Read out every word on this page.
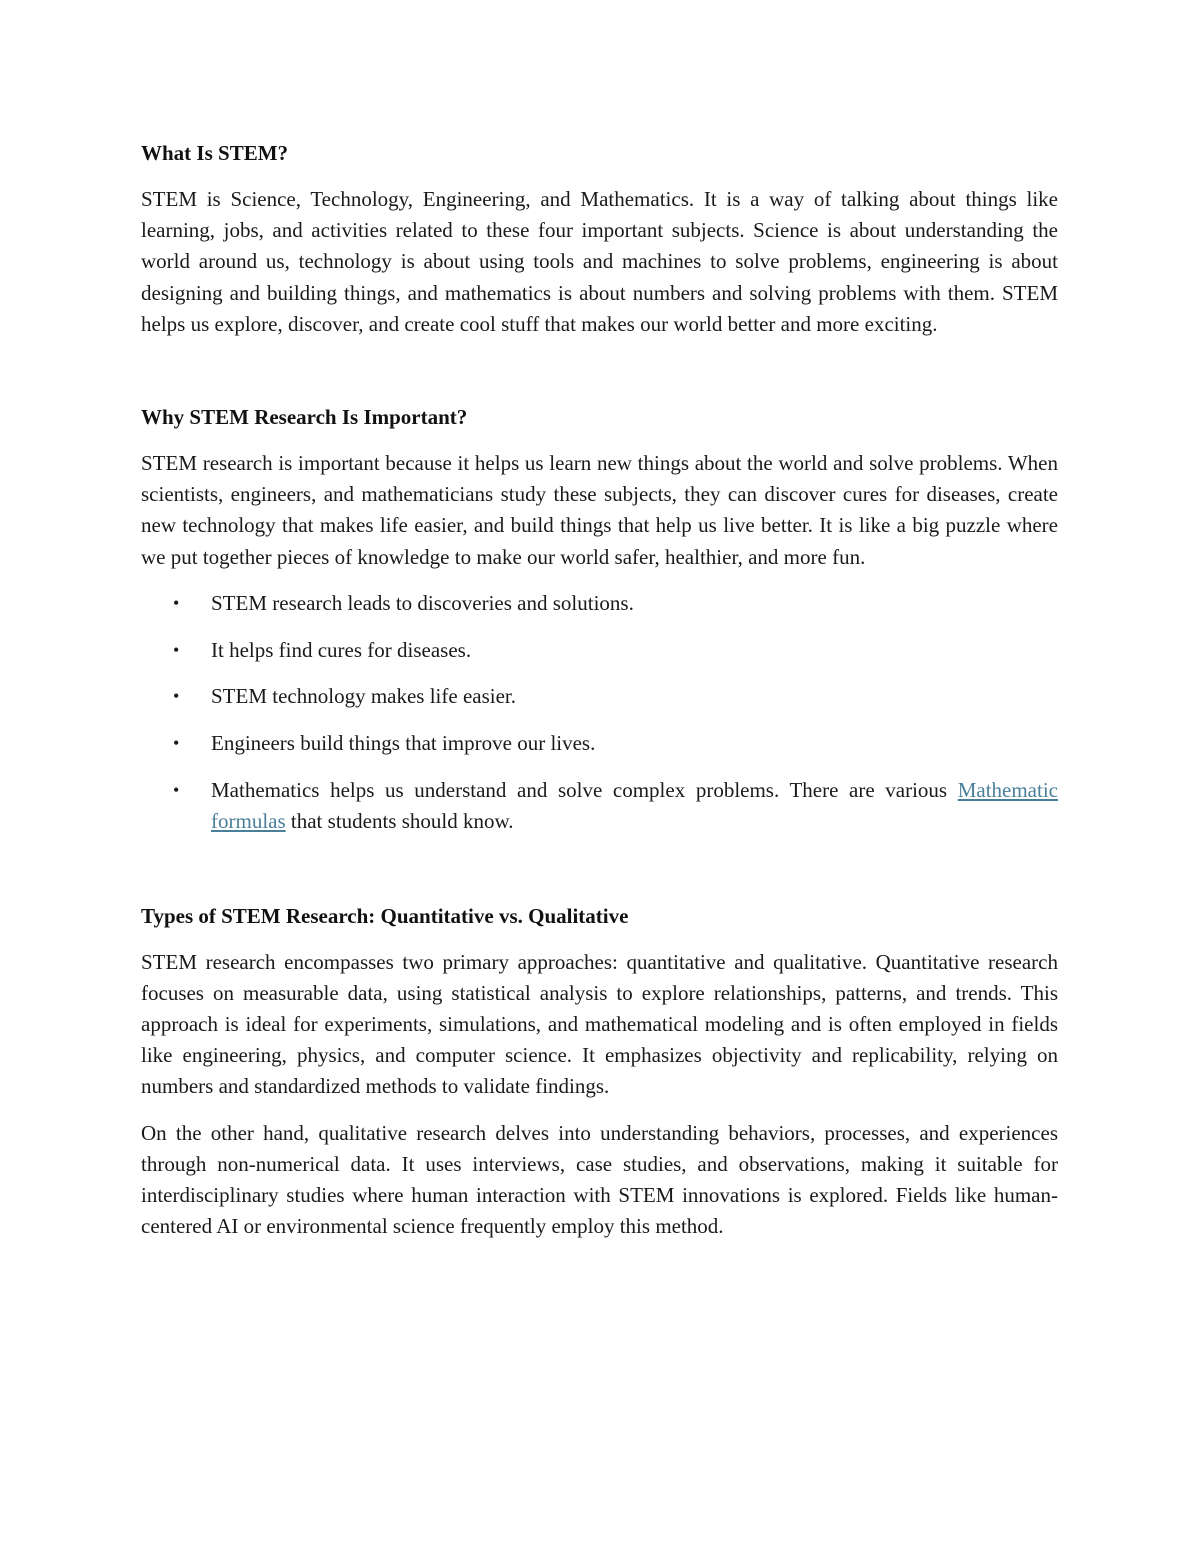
What Is STEM?

STEM is Science, Technology, Engineering, and Mathematics. It is a way of talking about things like learning, jobs, and activities related to these four important subjects. Science is about understanding the world around us, technology is about using tools and machines to solve problems, engineering is about designing and building things, and mathematics is about numbers and solving problems with them. STEM helps us explore, discover, and create cool stuff that makes our world better and more exciting.

Why STEM Research Is Important?

STEM research is important because it helps us learn new things about the world and solve problems. When scientists, engineers, and mathematicians study these subjects, they can discover cures for diseases, create new technology that makes life easier, and build things that help us live better. It is like a big puzzle where we put together pieces of knowledge to make our world safer, healthier, and more fun.

• STEM research leads to discoveries and solutions.
• It helps find cures for diseases.
• STEM technology makes life easier.
• Engineers build things that improve our lives.
• Mathematics helps us understand and solve complex problems. There are various Mathematic formulas that students should know.
Types of STEM Research: Quantitative vs. Qualitative

STEM research encompasses two primary approaches: quantitative and qualitative. Quantitative research focuses on measurable data, using statistical analysis to explore relationships, patterns, and trends. This approach is ideal for experiments, simulations, and mathematical modeling and is often employed in fields like engineering, physics, and computer science. It emphasizes objectivity and replicability, relying on numbers and standardized methods to validate findings.

On the other hand, qualitative research delves into understanding behaviors, processes, and experiences through non-numerical data. It uses interviews, case studies, and observations, making it suitable for interdisciplinary studies where human interaction with STEM innovations is explored. Fields like human-centered AI or environmental science frequently employ this method.
